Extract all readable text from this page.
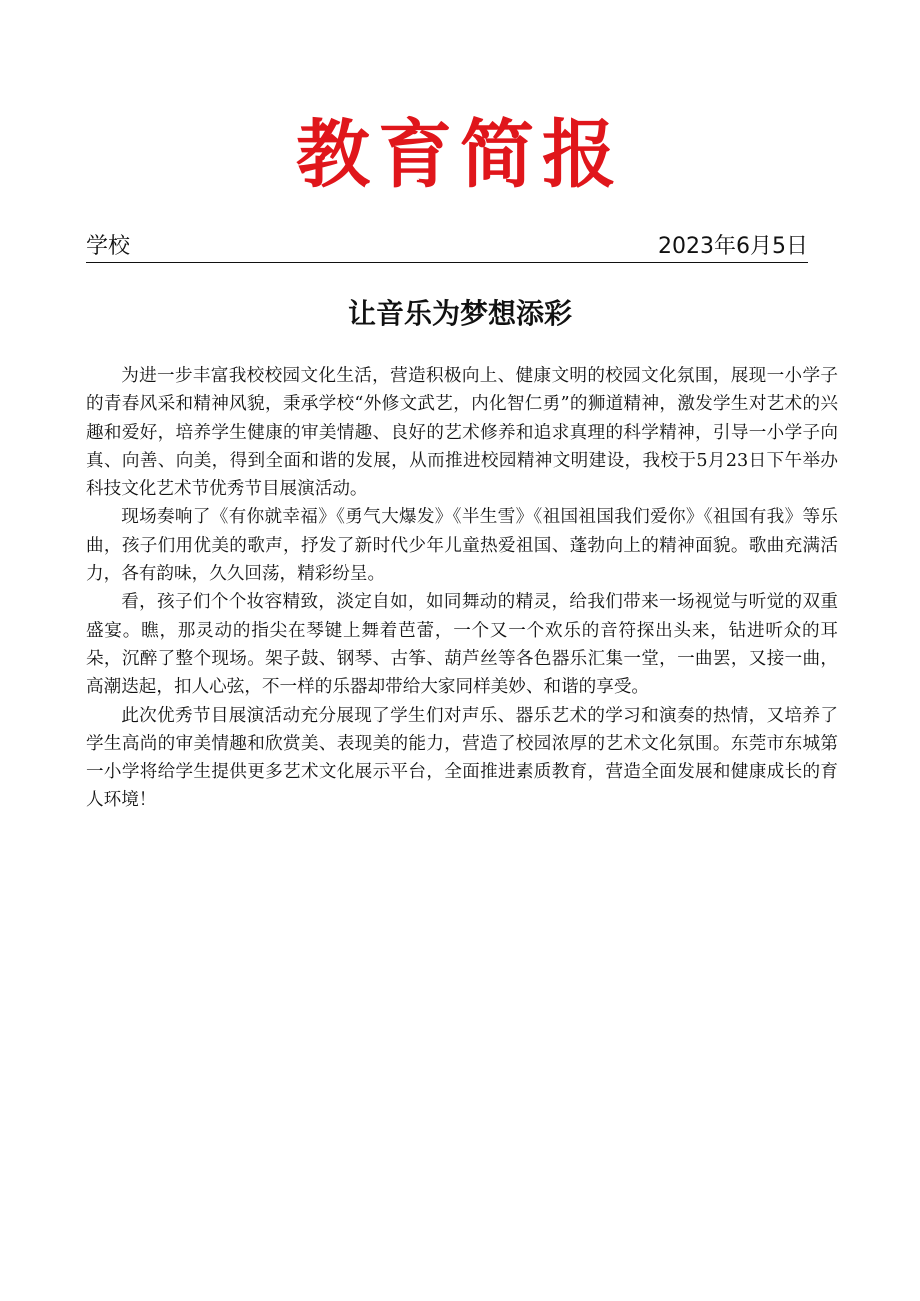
教育简报
学校	2023年6月5日
让音乐为梦想添彩

为进一步丰富我校校园文化生活，营造积极向上、健康文明的校园文化氛围，展现一小学子的青春风采和精神风貌，秉承学校“外修文武艺，内化智仁勇”的狮道精神，激发学生对艺术的兴趣和爱好，培养学生健康的审美情趣、良好的艺术修养和追求真理的科学精神，引导一小学子向真、向善、向美，得到全面和谐的发展，从而推进校园精神文明建设，我校于5月23日下午举办科技文化艺术节优秀节目展演活动。

现场奏响了《有你就幸福》《勇气大爆发》《半生雪》《祖国祖国我们爱你》《祖国有我》等乐曲，孩子们用优美的歌声，抒发了新时代少年儿童热爱祖国、蓬勃向上的精神面貌。歌曲充满活力，各有韵味，久久回荡，精彩纷呈。

看，孩子们个个妆容精致，淡定自如，如同舞动的精灵，给我们带来一场视觉与听觉的双重盛宴。瞧，那灵动的指尖在琴键上舞着芭蕾，一个又一个欢乐的音符探出头来，钻进听众的耳朵，沉醉了整个现场。架子鼓、钢琴、古筝、葫芦丝等各色器乐汇集一堂，一曲罢，又接一曲，高潮迭起，扣人心弦，不一样的乐器却带给大家同样美妙、和谐的享受。

此次优秀节目展演活动充分展现了学生们对声乐、器乐艺术的学习和演奏的热情，又培养了学生高尚的审美情趣和欣赏美、表现美的能力，营造了校园浓厚的艺术文化氛围。东莞市东城第一小学将给学生提供更多艺术文化展示平台，全面推进素质教育，营造全面发展和健康成长的育人环境！
